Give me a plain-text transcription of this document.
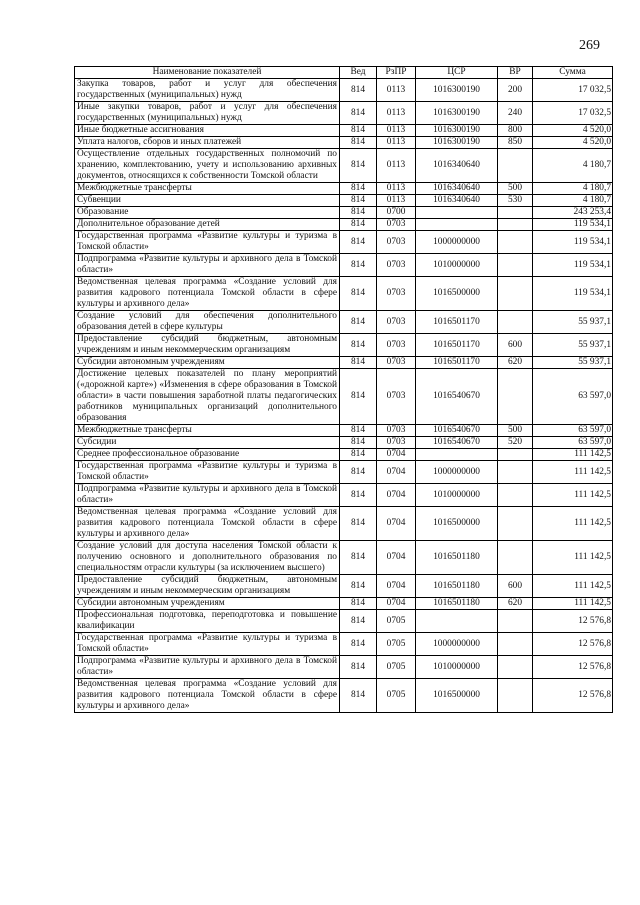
269
Наименование показателей	Вед	РзПР	ЦСР	ВР	Сумма
Закупка товаров, работ и услуг для обеспечения государственных (муниципальных) нужд	814	0113	1016300190	200	17 032,5
Иные закупки товаров, работ и услуг для обеспечения государственных (муниципальных) нужд	814	0113	1016300190	240	17 032,5
Иные бюджетные ассигнования	814	0113	1016300190	800	4 520,0
Уплата налогов, сборов и иных платежей	814	0113	1016300190	850	4 520,0
Осуществление отдельных государственных полномочий по хранению, комплектованию, учету и использованию архивных документов, относящихся к собственности Томской области	814	0113	1016340640		4 180,7
Межбюджетные трансферты	814	0113	1016340640	500	4 180,7
Субвенции	814	0113	1016340640	530	4 180,7
Образование	814	0700			243 253,4
Дополнительное образование детей	814	0703			119 534,1
Государственная программа «Развитие культуры и туризма в Томской области»	814	0703	1000000000		119 534,1
Подпрограмма «Развитие культуры и архивного дела в Томской области»	814	0703	1010000000		119 534,1
Ведомственная целевая программа «Создание условий для развития кадрового потенциала Томской области в сфере культуры и архивного дела»	814	0703	1016500000		119 534,1
Создание условий для обеспечения дополнительного образования детей в сфере культуры	814	0703	1016501170		55 937,1
Предоставление субсидий бюджетным, автономным учреждениям и иным некоммерческим организациям	814	0703	1016501170	600	55 937,1
Субсидии автономным учреждениям	814	0703	1016501170	620	55 937,1
Достижение целевых показателей по плану мероприятий («дорожной карте») «Изменения в сфере образования в Томской области» в части повышения заработной платы педагогических работников муниципальных организаций дополнительного образования	814	0703	1016540670		63 597,0
Межбюджетные трансферты	814	0703	1016540670	500	63 597,0
Субсидии	814	0703	1016540670	520	63 597,0
Среднее профессиональное образование	814	0704			111 142,5
Государственная программа «Развитие культуры и туризма в Томской области»	814	0704	1000000000		111 142,5
Подпрограмма «Развитие культуры и архивного дела в Томской области»	814	0704	1010000000		111 142,5
Ведомственная целевая программа «Создание условий для развития кадрового потенциала Томской области в сфере культуры и архивного дела»	814	0704	1016500000		111 142,5
Создание условий для доступа населения Томской области к получению основного и дополнительного образования по специальностям отрасли культуры (за исключением высшего)	814	0704	1016501180		111 142,5
Предоставление субсидий бюджетным, автономным учреждениям и иным некоммерческим организациям	814	0704	1016501180	600	111 142,5
Субсидии автономным учреждениям	814	0704	1016501180	620	111 142,5
Профессиональная подготовка, переподготовка и повышение квалификации	814	0705			12 576,8
Государственная программа «Развитие культуры и туризма в Томской области»	814	0705	1000000000		12 576,8
Подпрограмма «Развитие культуры и архивного дела в Томской области»	814	0705	1010000000		12 576,8
Ведомственная целевая программа «Создание условий для развития кадрового потенциала Томской области в сфере культуры и архивного дела»	814	0705	1016500000		12 576,8
